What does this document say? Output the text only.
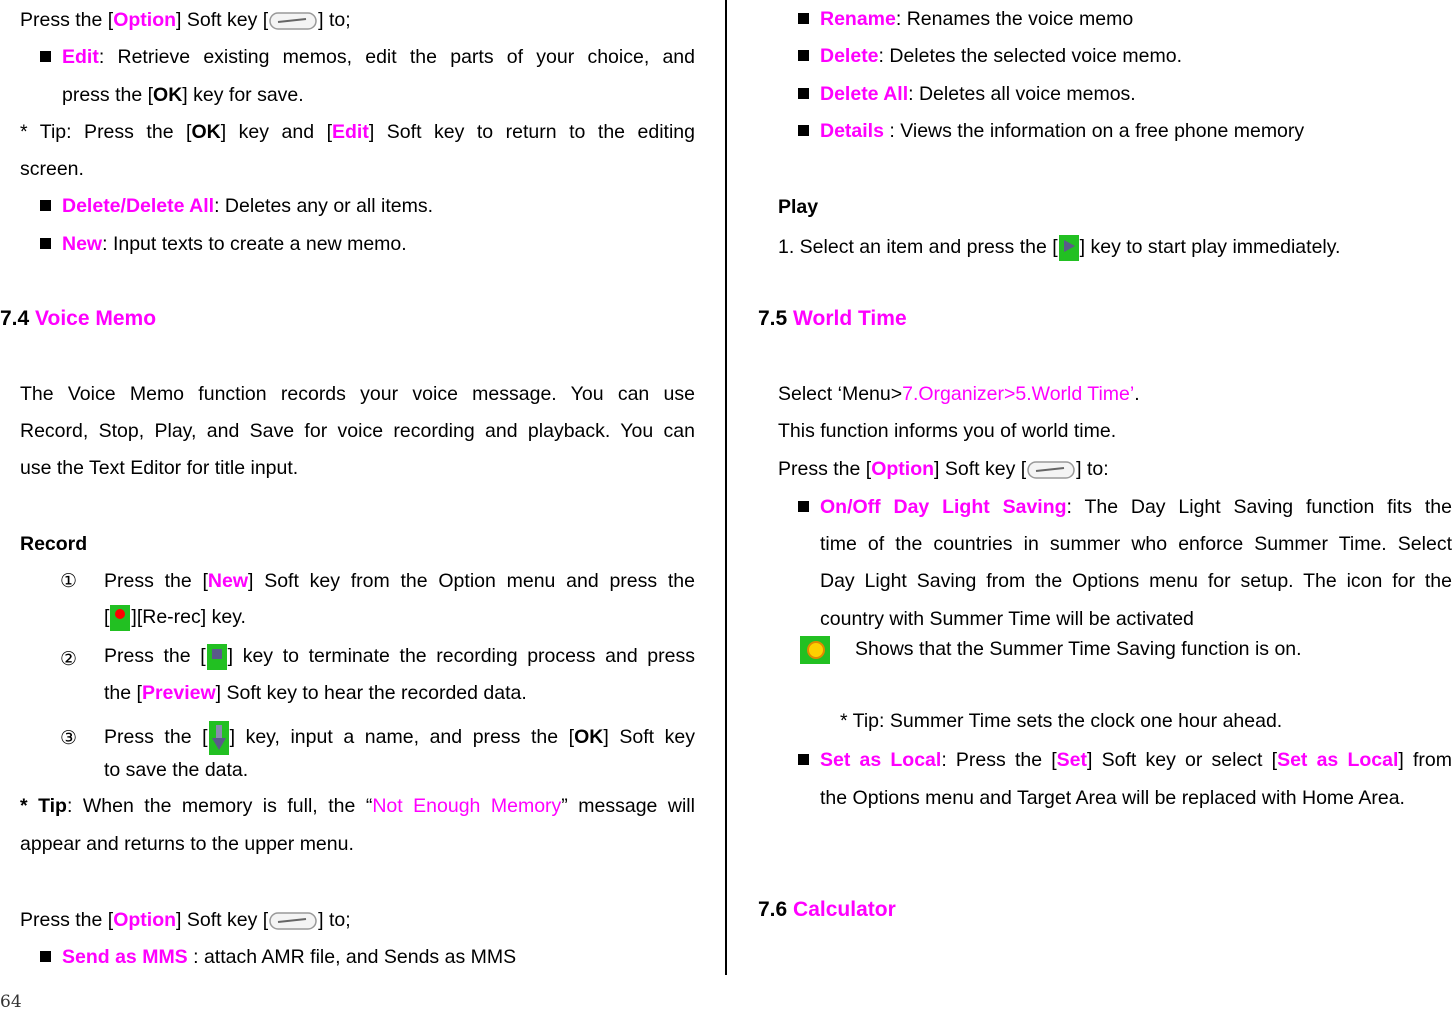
Press the [Option] Soft key [	] to;
Edit: Retrieve existing memos, edit the parts of your choice, and
press the [OK] key for save.
* Tip: Press the [OK] key and [Edit] Soft key to return to the editing
screen.
Delete/Delete All: Deletes any or all items.
New: Input texts to create a new memo.
7.4 Voice Memo
The Voice Memo function records your voice message. You can use
Record, Stop, Play, and Save for voice recording and playback. You can
use the Text Editor for title input.
Record
① Press the [New] Soft key from the Option menu and press the
[ ][Re-rec] key.
② Press the [ ] key to terminate the recording process and press
the [Preview] Soft key to hear the recorded data.
③ Press the [ ] key, input a name, and press the [OK] Soft key
to save the data.
* Tip: When the memory is full, the “Not Enough Memory” message will
appear and returns to the upper menu.
Press the [Option] Soft key [	] to;
Send as MMS : attach AMR file, and Sends as MMS
Rename: Renames the voice memo
Delete: Deletes the selected voice memo.
Delete All: Deletes all voice memos.
Details : Views the information on a free phone memory
Play
1. Select an item and press the [ ] key to start play immediately.
7.5 World Time
Select ‘Menu>7.Organizer>5.World Time’.
This function informs you of world time.
Press the [Option] Soft key [	] to:
On/Off Day Light Saving: The Day Light Saving function fits the
time of the countries in summer who enforce Summer Time. Select
Day Light Saving from the Options menu for setup. The icon for the
country with Summer Time will be activated
Shows that the Summer Time Saving function is on.
* Tip: Summer Time sets the clock one hour ahead.
Set as Local: Press the [Set] Soft key or select [Set as Local] from
the Options menu and Target Area will be replaced with Home Area.
7.6 Calculator
64
